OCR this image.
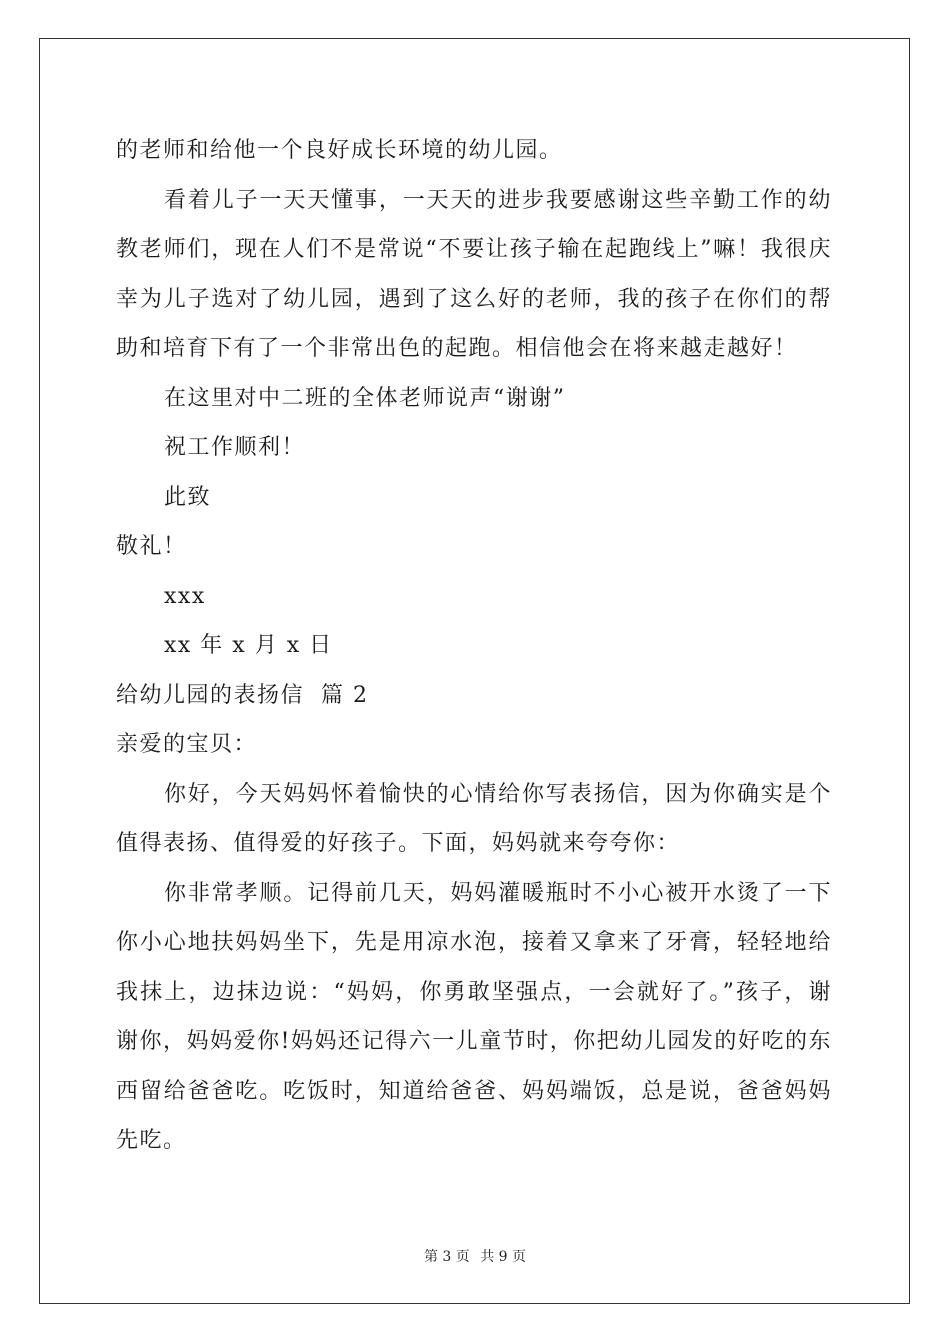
的老师和给他一个良好成长环境的幼儿园。

看着儿子一天天懂事，一天天的进步我要感谢这些辛勤工作的幼教老师们，现在人们不是常说“不要让孩子输在起跑线上”嘛！我很庆幸为儿子选对了幼儿园，遇到了这么好的老师，我的孩子在你们的帮助和培育下有了一个非常出色的起跑。相信他会在将来越走越好！

在这里对中二班的全体老师说声“谢谢”

祝工作顺利！

此致

敬礼！

xxx

xx 年 x 月 x 日

给幼儿园的表扬信  篇 2

亲爱的宝贝：

你好，今天妈妈怀着愉快的心情给你写表扬信，因为你确实是个值得表扬、值得爱的好孩子。下面，妈妈就来夸夸你：

你非常孝顺。记得前几天，妈妈灌暖瓶时不小心被开水烫了一下你小心地扶妈妈坐下，先是用凉水泡，接着又拿来了牙膏，轻轻地给我抹上，边抹边说：“妈妈，你勇敢坚强点，一会就好了。”孩子，谢谢你，妈妈爱你!妈妈还记得六一儿童节时，你把幼儿园发的好吃的东西留给爸爸吃。吃饭时，知道给爸爸、妈妈端饭，总是说，爸爸妈妈先吃。

第 3 页 共 9 页
